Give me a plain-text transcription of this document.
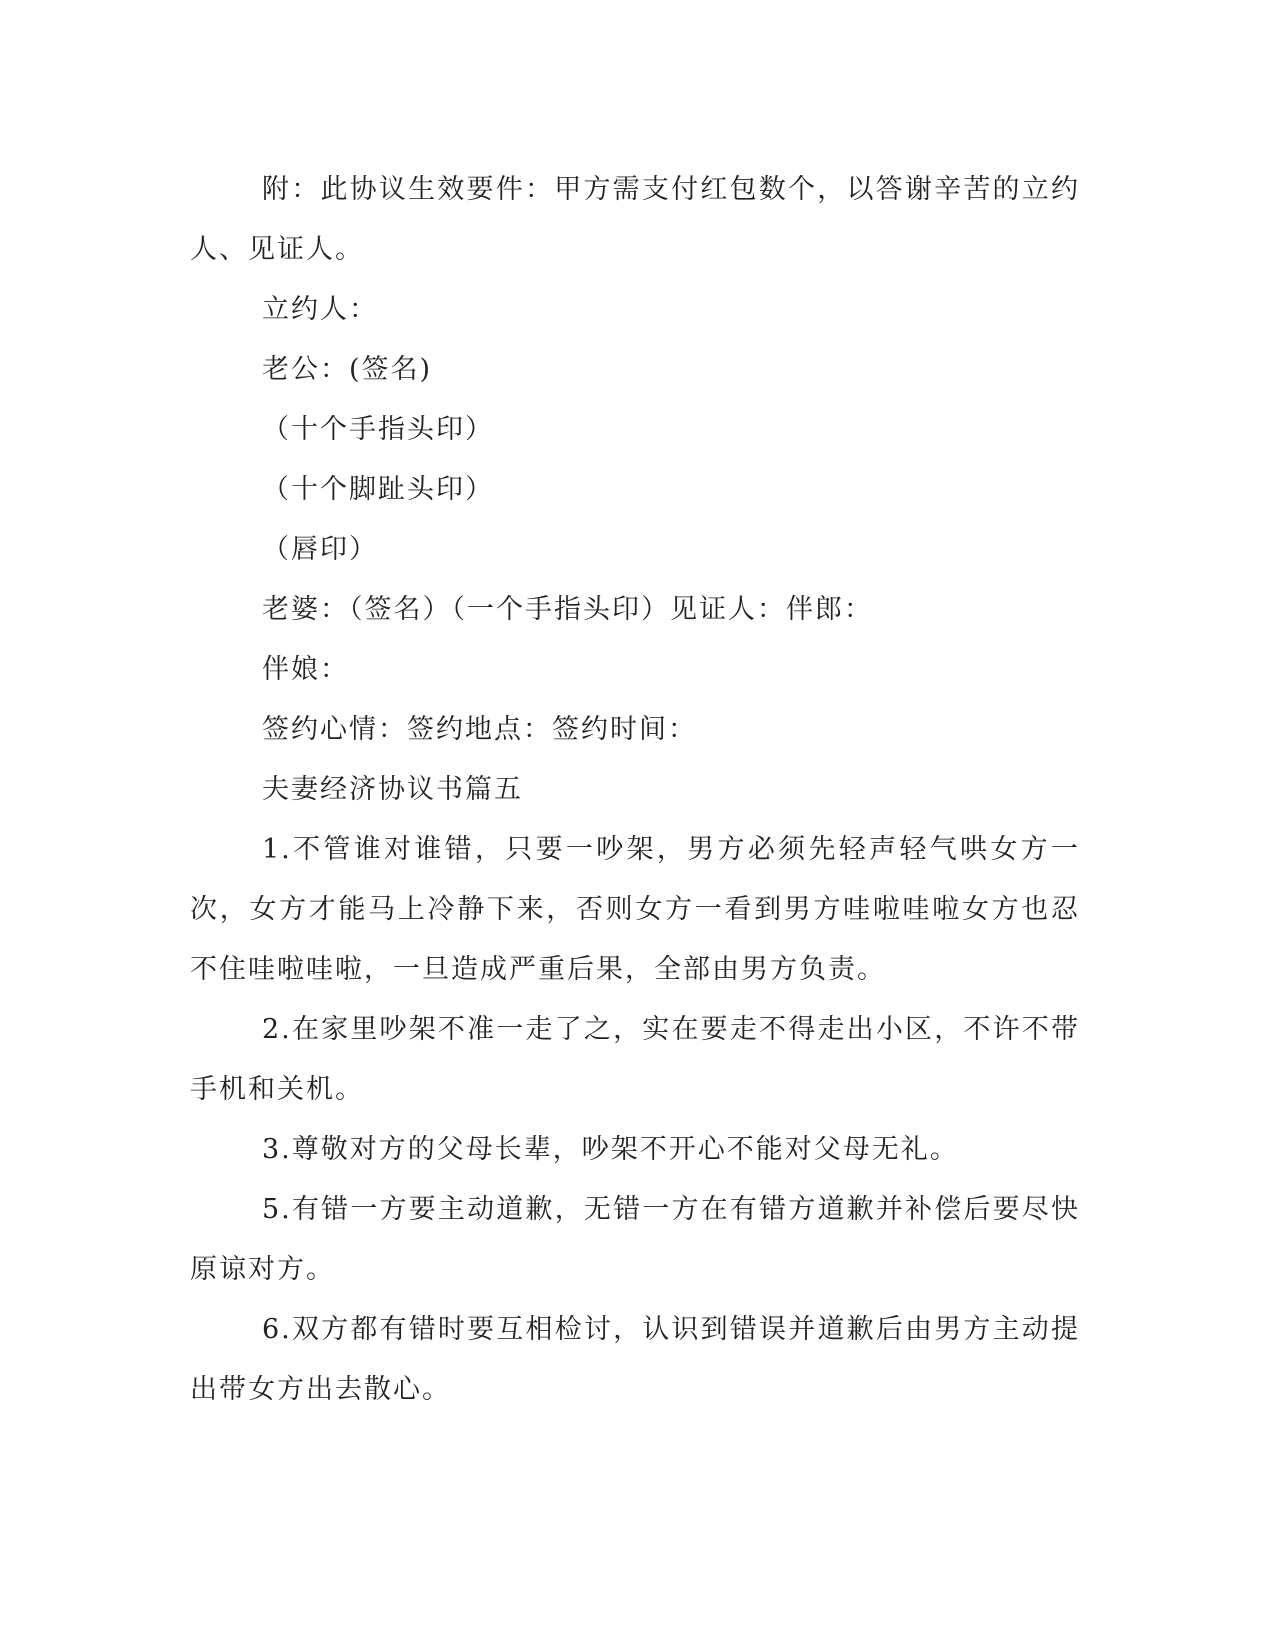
附：此协议生效要件：甲方需支付红包数个，以答谢辛苦的立约人、见证人。

立约人：

老公：(签名)

（十个手指头印）

（十个脚趾头印）

（唇印）

老婆：（签名）（一个手指头印）见证人：伴郎：

伴娘：

签约心情：签约地点：签约时间：

夫妻经济协议书篇五

1.不管谁对谁错，只要一吵架，男方必须先轻声轻气哄女方一次，女方才能马上冷静下来，否则女方一看到男方哇啦哇啦女方也忍不住哇啦哇啦，一旦造成严重后果，全部由男方负责。

2.在家里吵架不准一走了之，实在要走不得走出小区，不许不带手机和关机。

3.尊敬对方的父母长辈，吵架不开心不能对父母无礼。

5.有错一方要主动道歉，无错一方在有错方道歉并补偿后要尽快原谅对方。

6.双方都有错时要互相检讨，认识到错误并道歉后由男方主动提出带女方出去散心。
